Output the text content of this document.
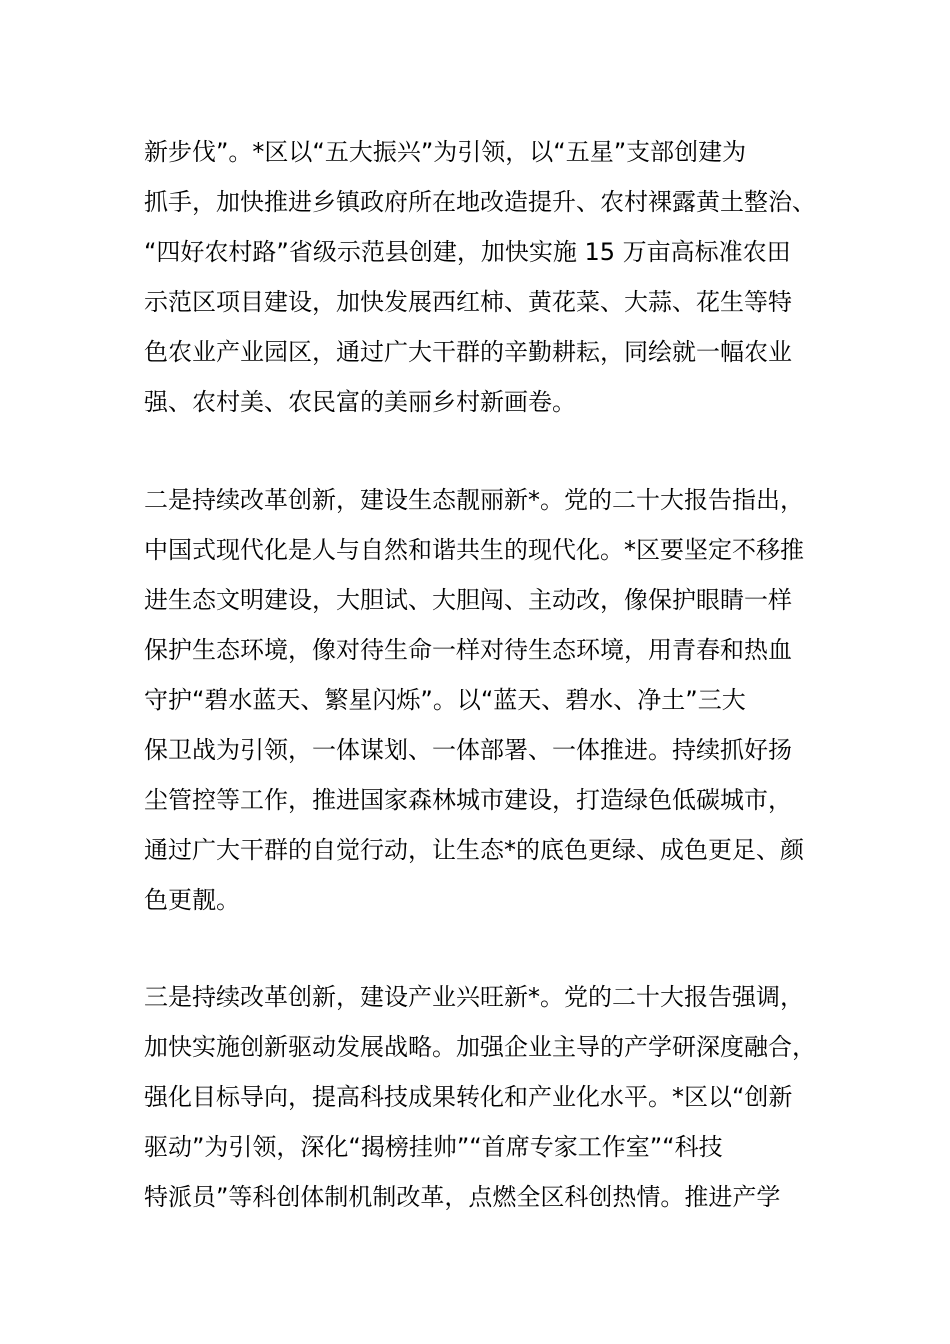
新步伐”。*区以“五大振兴”为引领，以“五星”支部创建为
抓手，加快推进乡镇政府所在地改造提升、农村裸露黄土整治、
“四好农村路”省级示范县创建，加快实施 15 万亩高标准农田
示范区项目建设，加快发展西红柿、黄花菜、大蒜、花生等特
色农业产业园区，通过广大干群的辛勤耕耘，同绘就一幅农业
强、农村美、农民富的美丽乡村新画卷。
二是持续改革创新，建设生态靓丽新*。党的二十大报告指出，
中国式现代化是人与自然和谐共生的现代化。*区要坚定不移推
进生态文明建设，大胆试、大胆闯、主动改，像保护眼睛一样
保护生态环境，像对待生命一样对待生态环境，用青春和热血
守护“碧水蓝天、繁星闪烁”。以“蓝天、碧水、净土”三大
保卫战为引领，一体谋划、一体部署、一体推进。持续抓好扬
尘管控等工作，推进国家森林城市建设，打造绿色低碳城市，
通过广大干群的自觉行动，让生态*的底色更绿、成色更足、颜
色更靓。
三是持续改革创新，建设产业兴旺新*。党的二十大报告强调，
加快实施创新驱动发展战略。加强企业主导的产学研深度融合，
强化目标导向，提高科技成果转化和产业化水平。*区以“创新
驱动”为引领，深化“揭榜挂帅”“首席专家工作室”“科技
特派员”等科创体制机制改革，点燃全区科创热情。推进产学
